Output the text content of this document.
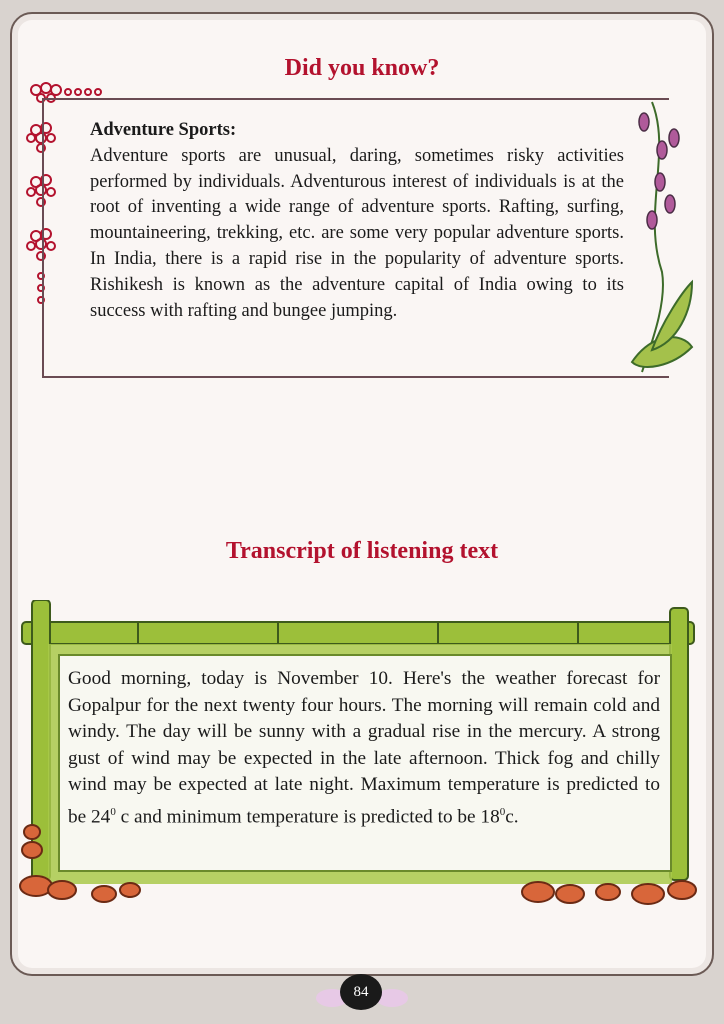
Did you know?

Adventure Sports:
Adventure sports are unusual, daring, sometimes risky activities performed by individuals. Adventurous interest of individuals is at the root of inventing a wide range of adventure sports. Rafting, surfing, mountaineering, trekking, etc. are some very popular adventure sports. In India, there is a rapid rise in the popularity of adventure sports. Rishikesh is known as the adventure capital of India owing to its success with rafting and bungee jumping.

Transcript of listening text

Good morning, today is November 10. Here's the weather forecast for Gopalpur for the next twenty four hours. The morning will remain cold and windy. The day will be sunny with a gradual rise in the mercury. A strong gust of wind may be expected in the late afternoon. Thick fog and chilly wind may be expected at late night. Maximum temperature is predicted to be $24^0$ c and minimum temperature is predicted to be $18^0c$.

84
